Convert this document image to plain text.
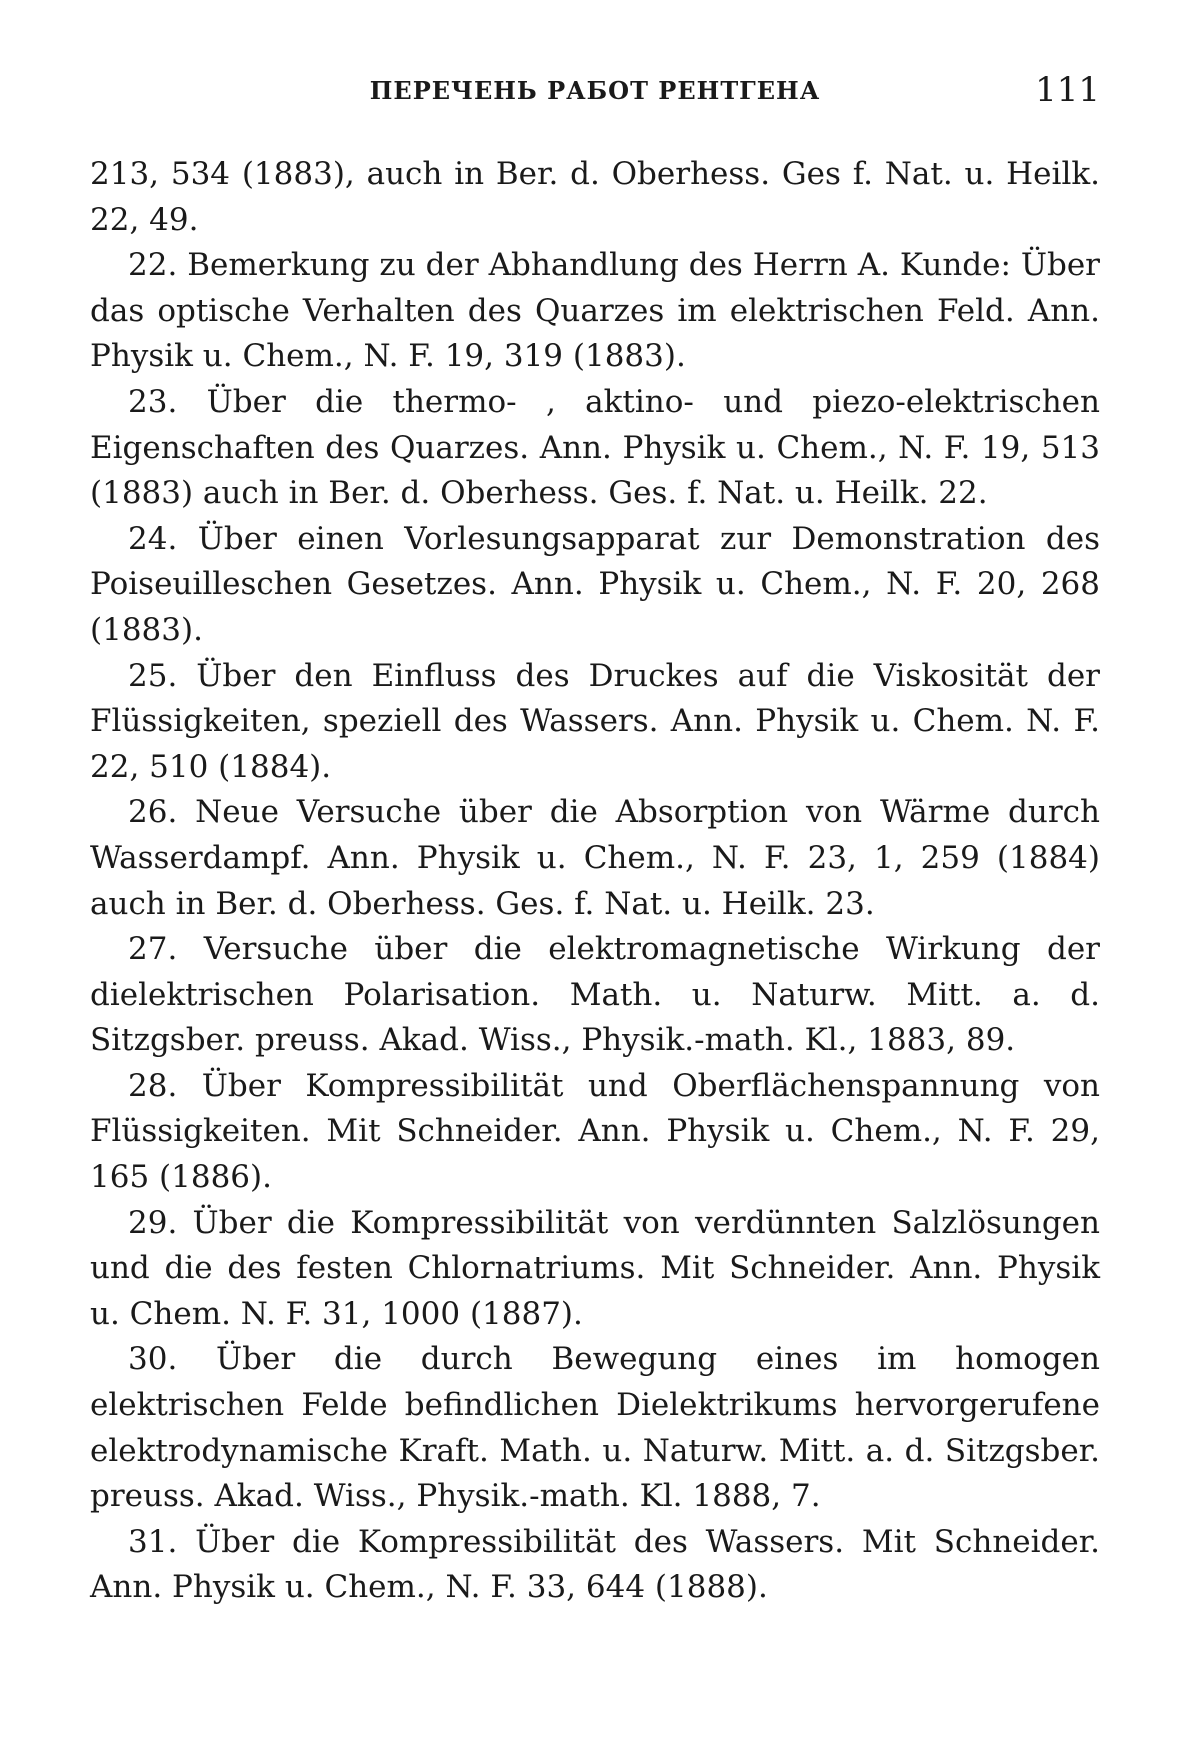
ПЕРЕЧЕНЬ РАБОТ РЕНТГЕНА	111

213, 534 (1883), auch in Ber. d. Oberhess. Ges f. Nat. u. Heilk. 22, 49.

22. Bemerkung zu der Abhandlung des Herrn A. Kunde: Über das optische Verhalten des Quarzes im elektrischen Feld. Ann. Physik u. Chem., N. F. 19, 319 (1883).

23. Über die thermo- , aktino- und piezo-elektrischen Eigenschaften des Quarzes. Ann. Physik u. Chem., N. F. 19, 513 (1883) auch in Ber. d. Oberhess. Ges. f. Nat. u. Heilk. 22.

24. Über einen Vorlesungsapparat zur Demonstration des Poiseuilleschen Gesetzes. Ann. Physik u. Chem., N. F. 20, 268 (1883).

25. Über den Einfluss des Druckes auf die Viskosität der Flüssigkeiten, speziell des Wassers. Ann. Physik u. Chem. N. F. 22, 510 (1884).

26. Neue Versuche über die Absorption von Wärme durch Wasserdampf. Ann. Physik u. Chem., N. F. 23, 1, 259 (1884) auch in Ber. d. Oberhess. Ges. f. Nat. u. Heilk. 23.

27. Versuche über die elektromagnetische Wirkung der dielektrischen Polarisation. Math. u. Naturw. Mitt. a. d. Sitzgsber. preuss. Akad. Wiss., Physik.-math. Kl., 1883, 89.

28. Über Kompressibilität und Oberflächenspannung von Flüssigkeiten. Mit Schneider. Ann. Physik u. Chem., N. F. 29, 165 (1886).

29. Über die Kompressibilität von verdünnten Salzlösungen und die des festen Chlornatriums. Mit Schneider. Ann. Physik u. Chem. N. F. 31, 1000 (1887).

30. Über die durch Bewegung eines im homogen elektrischen Felde befindlichen Dielektrikums hervorgerufene elektrodynamische Kraft. Math. u. Naturw. Mitt. a. d. Sitzgsber. preuss. Akad. Wiss., Physik.-math. Kl. 1888, 7.

31. Über die Kompressibilität des Wassers. Mit Schneider. Ann. Physik u. Chem., N. F. 33, 644 (1888).
